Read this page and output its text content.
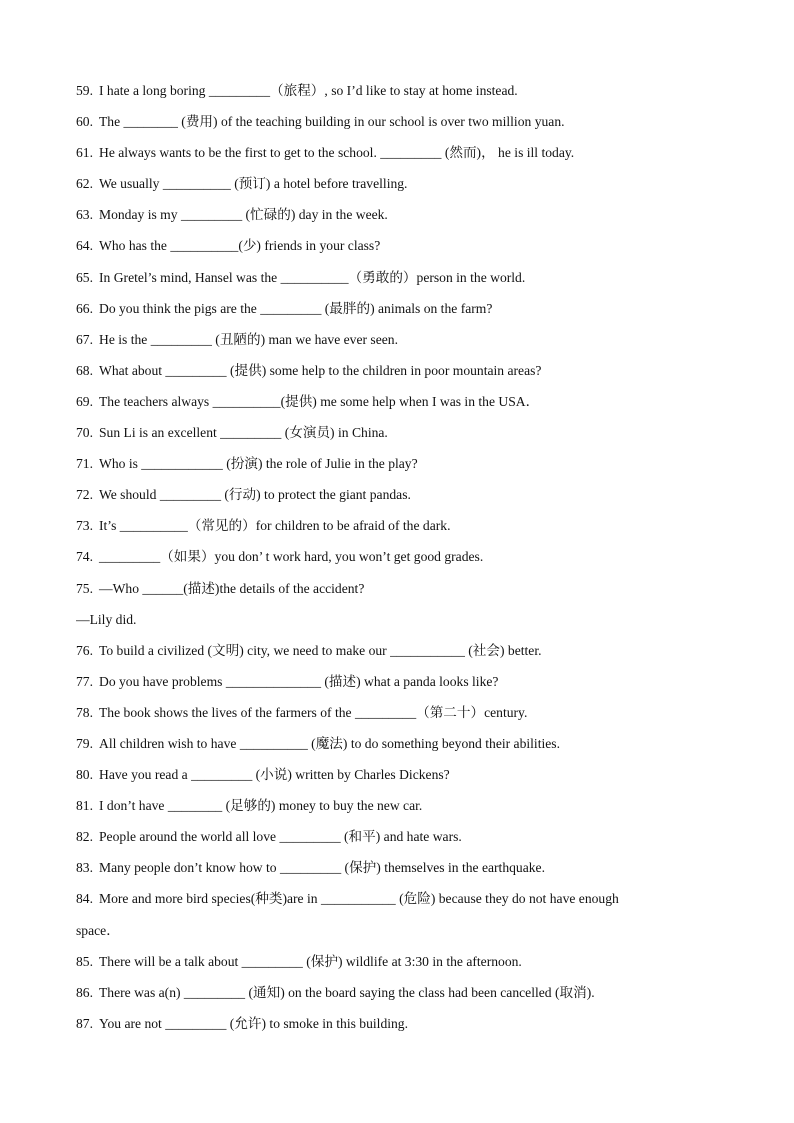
59. I hate a long boring _________（旅程）, so I’d like to stay at home instead.
60. The ________ (费用) of the teaching building in our school is over two million yuan.
61. He always wants to be the first to get to the school. _________ (然而)， he is ill today.
62. We usually __________ (预订) a hotel before travelling.
63. Monday is my _________ (忙碌的) day in the week.
64. Who has the __________(少) friends in your class?
65. In Gretel’s mind, Hansel was the __________（勇敢的）person in the world.
66. Do you think the pigs are the _________ (最胖的) animals on the farm?
67. He is the _________ (丑陋的) man we have ever seen.
68. What about _________ (提供) some help to the children in poor mountain areas?
69. The teachers always __________(提供) me some help when I was in the USA．
70. Sun Li is an excellent _________ (女演员) in China.
71. Who is ____________ (扮演) the role of Julie in the play?
72. We should _________ (行动) to protect the giant pandas.
73. It’s __________（常见的）for children to be afraid of the dark.
74. _________（如果）you don’ t work hard, you won’t get good grades.
75. —Who ______(描述)the details of the accident?
—Lily did.
76. To build a civilized (文明) city, we need to make our ___________ (社会) better.
77. Do you have problems ______________ (描述) what a panda looks like?
78. The book shows the lives of the farmers of the _________（第二十）century.
79. All children wish to have __________ (魔法) to do something beyond their abilities.
80. Have you read a _________ (小说) written by Charles Dickens?
81. I don’t have ________ (足够的) money to buy the new car.
82. People around the world all love _________ (和平) and hate wars.
83. Many people don’t know how to _________ (保护) themselves in the earthquake.
84. More and more bird species(种类)are in ___________ (危险) because they do not have enough
space．
85. There will be a talk about _________ (保护) wildlife at 3:30 in the afternoon.
86. There was a(n) _________ (通知) on the board saying the class had been cancelled (取消).
87. You are not _________ (允许) to smoke in this building.
